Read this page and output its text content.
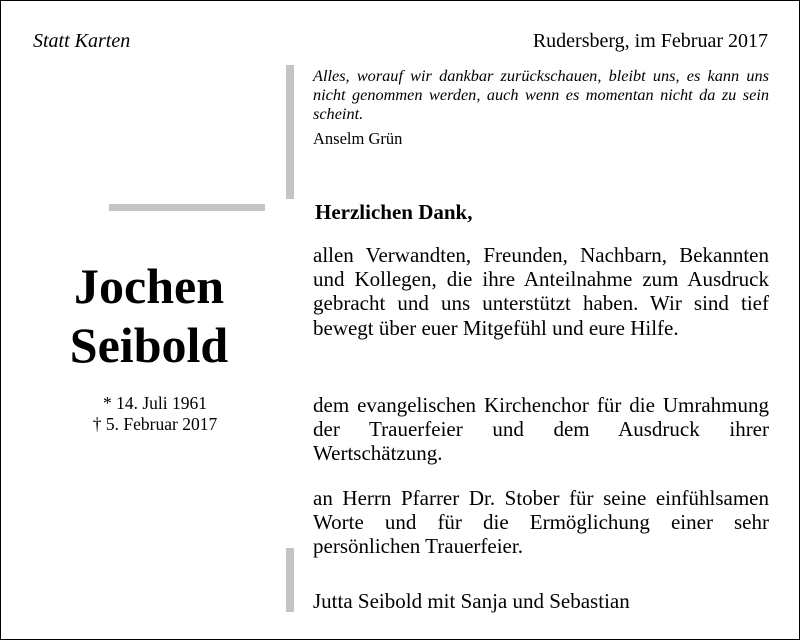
Statt Karten	Rudersberg, im Februar 2017
Alles, worauf wir dankbar zurückschauen, bleibt uns, es kann uns nicht genommen werden, auch wenn es momentan nicht da zu sein scheint.
Anselm Grün
Jochen
Seibold
* 14. Juli 1961
† 5. Februar 2017
Herzlichen Dank,
allen Verwandten, Freunden, Nachbarn, Bekannten und Kollegen, die ihre Anteilnahme zum Ausdruck gebracht und uns unterstützt haben. Wir sind tief bewegt über euer Mitgefühl und eure Hilfe.
dem evangelischen Kirchenchor für die Umrahmung der Trauerfeier und dem Ausdruck ihrer Wertschätzung.
an Herrn Pfarrer Dr. Stober für seine einfühlsamen Worte und für die Ermöglichung einer sehr persönlichen Trauerfeier.
Jutta Seibold mit Sanja und Sebastian
